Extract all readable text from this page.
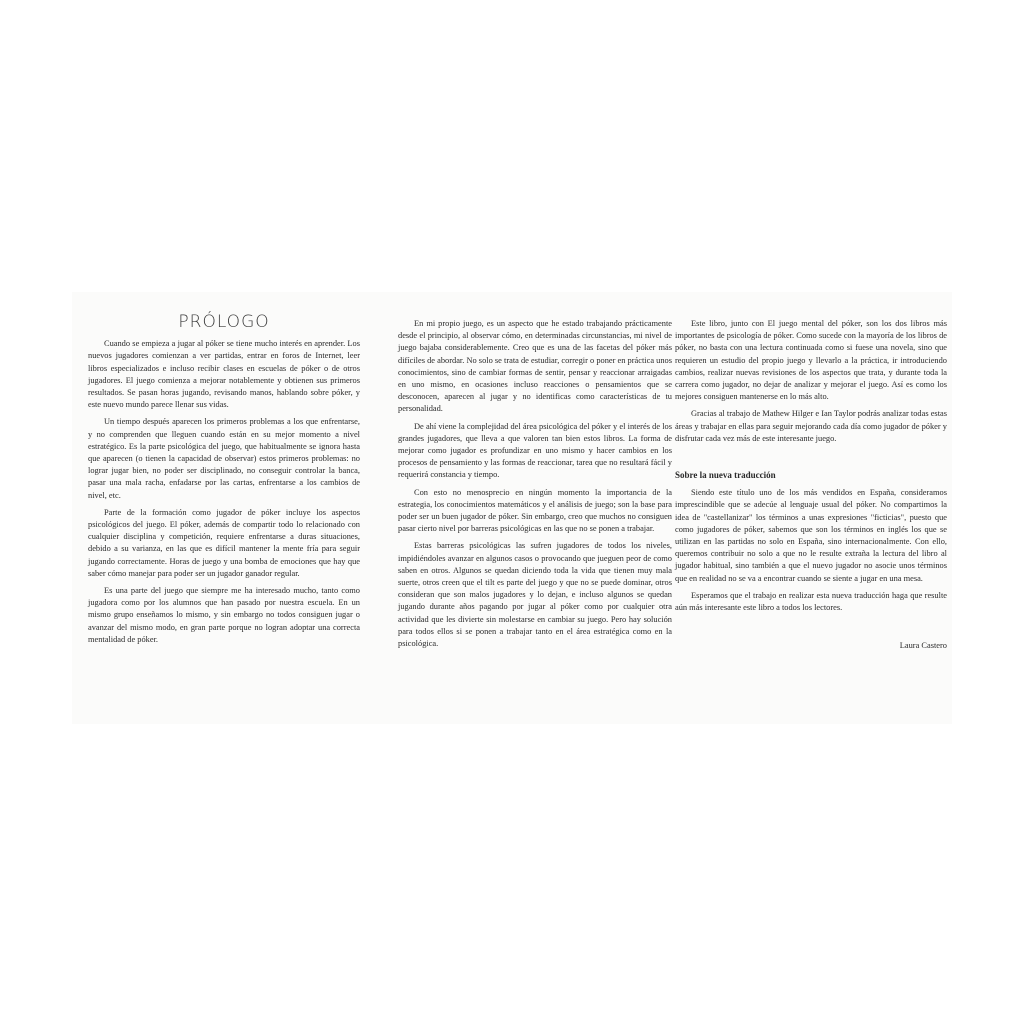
PRÓLOGO

Cuando se empieza a jugar al póker se tiene mucho interés en aprender. Los nuevos jugadores comienzan a ver partidas, entrar en foros de Internet, leer libros especializados e incluso recibir clases en escuelas de póker o de otros jugadores. El juego comienza a mejorar notablemente y obtienen sus primeros resultados. Se pasan horas jugando, revisando manos, hablando sobre póker, y este nuevo mundo parece llenar sus vidas.

Un tiempo después aparecen los primeros problemas a los que enfrentarse, y no comprenden que lleguen cuando están en su mejor momento a nivel estratégico. Es la parte psicológica del juego, que habitualmente se ignora hasta que aparecen (o tienen la capacidad de observar) estos primeros problemas: no lograr jugar bien, no poder ser disciplinado, no conseguir controlar la banca, pasar una mala racha, enfadarse por las cartas, enfrentarse a los cambios de nivel, etc.

Parte de la formación como jugador de póker incluye los aspectos psicológicos del juego. El póker, además de compartir todo lo relacionado con cualquier disciplina y competición, requiere enfrentarse a duras situaciones, debido a su varianza, en las que es difícil mantener la mente fría para seguir jugando correctamente. Horas de juego y una bomba de emociones que hay que saber cómo manejar para poder ser un jugador ganador regular.

Es una parte del juego que siempre me ha interesado mucho, tanto como jugadora como por los alumnos que han pasado por nuestra escuela. En un mismo grupo enseñamos lo mismo, y sin embargo no todos consiguen jugar o avanzar del mismo modo, en gran parte porque no logran adoptar una correcta mentalidad de póker.

En mi propio juego, es un aspecto que he estado trabajando prácticamente desde el principio, al observar cómo, en determinadas circunstancias, mi nivel de juego bajaba considerablemente. Creo que es una de las facetas del póker más difíciles de abordar. No solo se trata de estudiar, corregir o poner en práctica unos conocimientos, sino de cambiar formas de sentir, pensar y reaccionar arraigadas en uno mismo, en ocasiones incluso reacciones o pensamientos que se desconocen, aparecen al jugar y no identificas como características de tu personalidad.

De ahí viene la complejidad del área psicológica del póker y el interés de los grandes jugadores, que lleva a que valoren tan bien estos libros. La forma de mejorar como jugador es profundizar en uno mismo y hacer cambios en los procesos de pensamiento y las formas de reaccionar, tarea que no resultará fácil y requerirá constancia y tiempo.

Con esto no menosprecio en ningún momento la importancia de la estrategia, los conocimientos matemáticos y el análisis de juego; son la base para poder ser un buen jugador de póker. Sin embargo, creo que muchos no consiguen pasar cierto nivel por barreras psicológicas en las que no se ponen a trabajar.

Estas barreras psicológicas las sufren jugadores de todos los niveles, impidiéndoles avanzar en algunos casos o provocando que jueguen peor de como saben en otros. Algunos se quedan diciendo toda la vida que tienen muy mala suerte, otros creen que el tilt es parte del juego y que no se puede dominar, otros consideran que son malos jugadores y lo dejan, e incluso algunos se quedan jugando durante años pagando por jugar al póker como por cualquier otra actividad que les divierte sin molestarse en cambiar su juego. Pero hay solución para todos ellos si se ponen a trabajar tanto en el área estratégica como en la psicológica.

Este libro, junto con El juego mental del póker, son los dos libros más importantes de psicología de póker. Como sucede con la mayoría de los libros de póker, no basta con una lectura continuada como si fuese una novela, sino que requieren un estudio del propio juego y llevarlo a la práctica, ir introduciendo cambios, realizar nuevas revisiones de los aspectos que trata, y durante toda la carrera como jugador, no dejar de analizar y mejorar el juego. Así es como los mejores consiguen mantenerse en lo más alto.

Gracias al trabajo de Mathew Hilger e Ian Taylor podrás analizar todas estas áreas y trabajar en ellas para seguir mejorando cada día como jugador de póker y disfrutar cada vez más de este interesante juego.

Sobre la nueva traducción

Siendo este título uno de los más vendidos en España, consideramos imprescindible que se adecúe al lenguaje usual del póker. No compartimos la idea de "castellanizar" los términos a unas expresiones "ficticias", puesto que como jugadores de póker, sabemos que son los términos en inglés los que se utilizan en las partidas no solo en España, sino internacionalmente. Con ello, queremos contribuir no solo a que no le resulte extraña la lectura del libro al jugador habitual, sino también a que el nuevo jugador no asocie unos términos que en realidad no se va a encontrar cuando se siente a jugar en una mesa.

Esperamos que el trabajo en realizar esta nueva traducción haga que resulte aún más interesante este libro a todos los lectores.

Laura Castero
